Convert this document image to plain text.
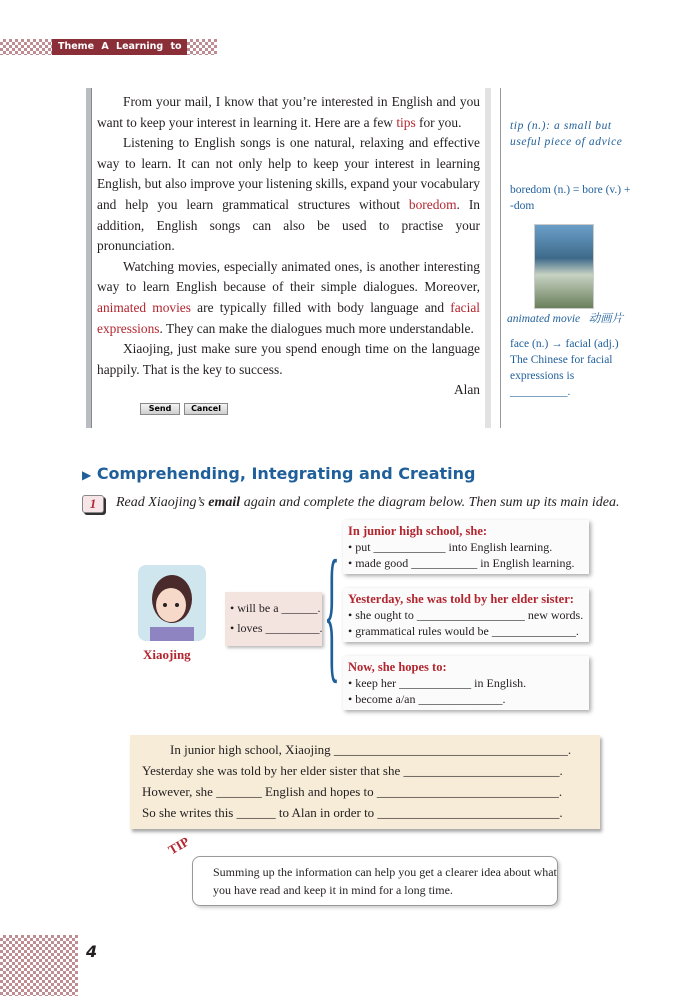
Theme A Learning to Learn

From your mail, I know that you’re interested in English and you want to keep your interest in learning it. Here are a few tips for you.

Listening to English songs is one natural, relaxing and effective way to learn. It can not only help to keep your interest in learning English, but also improve your listening skills, expand your vocabulary and help you learn grammatical structures without boredom. In addition, English songs can also be used to practise your pronunciation.

Watching movies, especially animated ones, is another interesting way to learn English because of their simple dialogues. Moreover, animated movies are typically filled with body language and facial expressions. They can make the dialogues much more understandable.

Xiaojing, just make sure you spend enough time on the language happily. That is the key to success.

Alan
Send	Cancel
tip (n.): a small but useful piece of advice
boredom (n.) = bore (v.) + -dom
animated movie   动画片
face (n.) → facial (adj.) The Chinese for facial expressions is __________.
▶ Comprehending, Integrating and Creating
1	Read Xiaojing’s email again and complete the diagram below. Then sum up its main idea.
Xiaojing
• will be a ______.
• loves _________. { In junior high school, she:
• put ____________ into English learning.
• made good ___________ in English learning.
Yesterday, she was told by her elder sister:
• she ought to __________________ new words.
• grammatical rules would be ______________.
Now, she hopes to:
• keep her ____________ in English.
• become a/an ______________.
In junior high school, Xiaojing ____________________________________.
Yesterday she was told by her elder sister that she ________________________.
However, she _______ English and hopes to ____________________________.
So she writes this ______ to Alan in order to ____________________________.
TIP
Summing up the information can help you get a clearer idea about what you have read and keep it in mind for a long time.
4
